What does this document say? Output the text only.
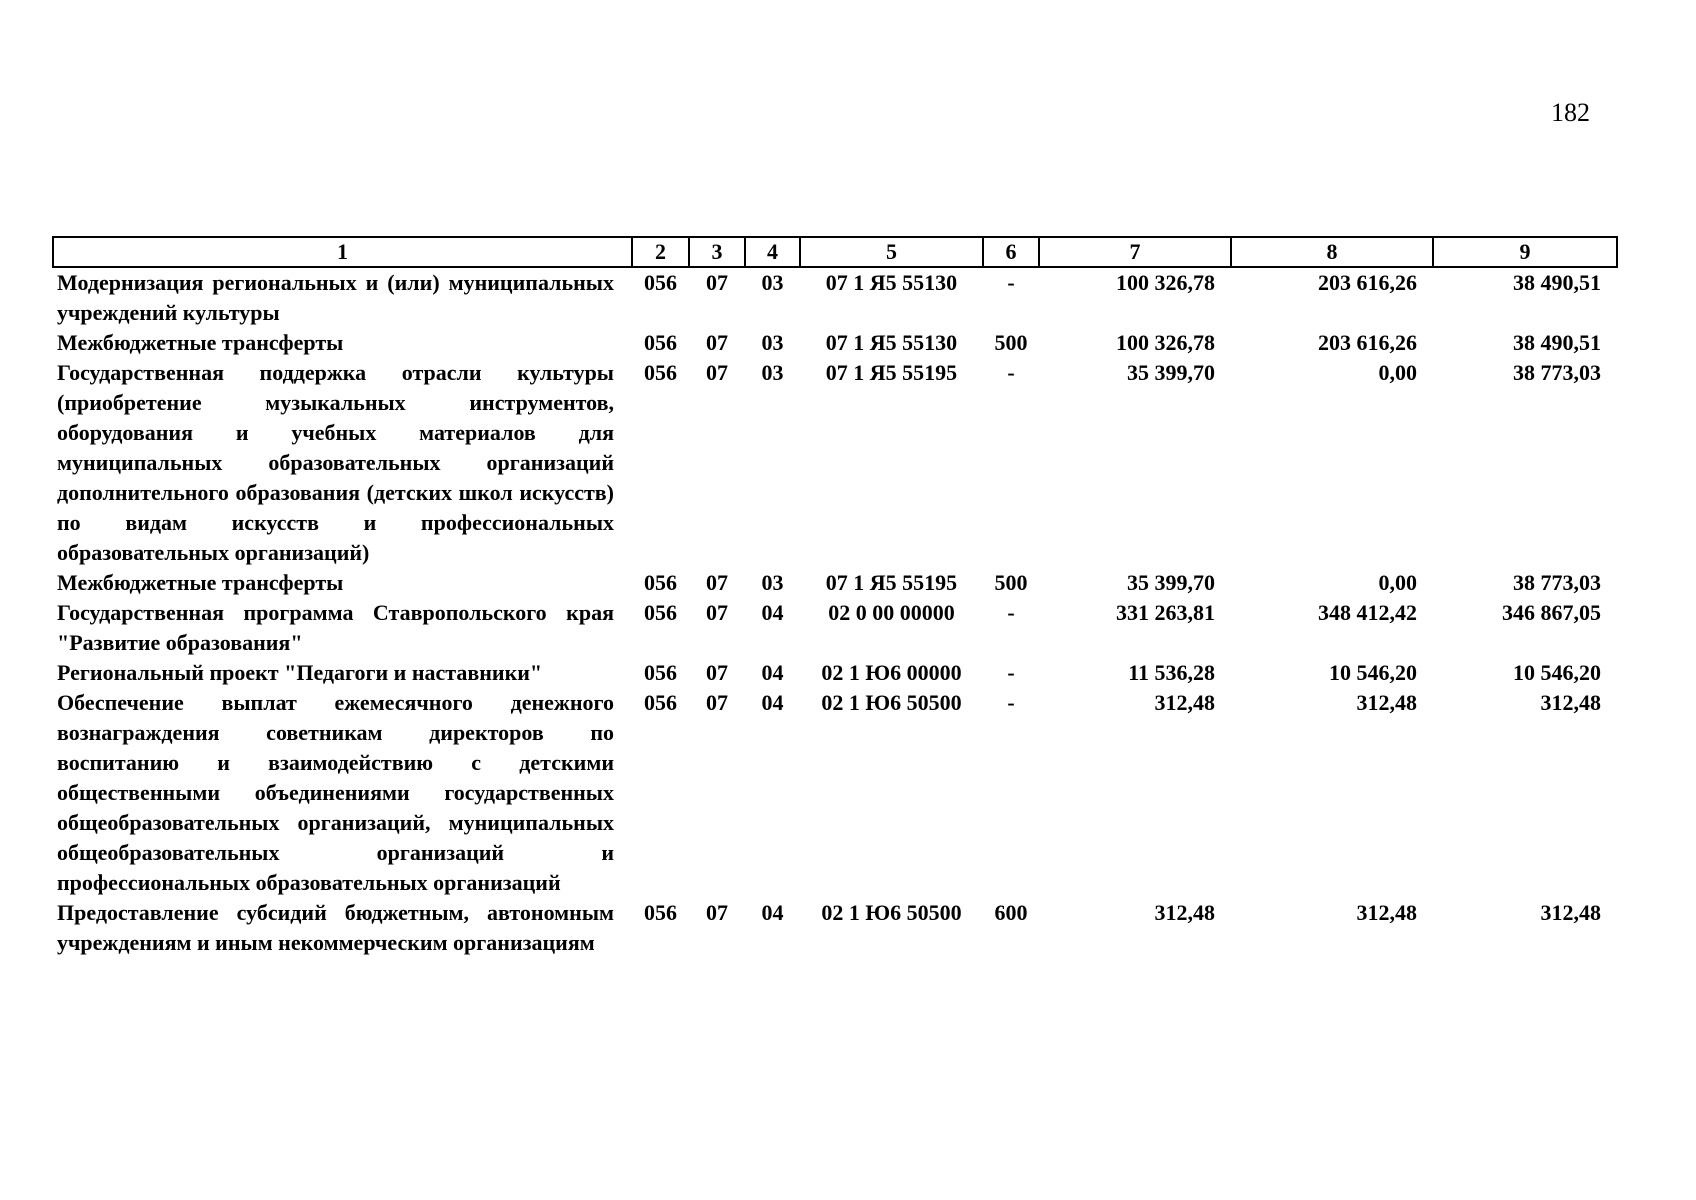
182
1	2	3	4	5	6	7	8	9
Модернизация региональных и (или) муниципальных учреждений культуры	056	07	03	07 1 Я5 55130	-	100 326,78	203 616,26	38 490,51
Межбюджетные трансферты	056	07	03	07 1 Я5 55130	500	100 326,78	203 616,26	38 490,51
Государственная поддержка отрасли культуры (приобретение музыкальных инструментов, оборудования и учебных материалов для муниципальных образовательных организаций дополнительного образования (детских школ искусств) по видам искусств и профессиональных образовательных организаций)	056	07	03	07 1 Я5 55195	-	35 399,70	0,00	38 773,03
Межбюджетные трансферты	056	07	03	07 1 Я5 55195	500	35 399,70	0,00	38 773,03
Государственная программа Ставропольского края "Развитие образования"	056	07	04	02 0 00 00000	-	331 263,81	348 412,42	346 867,05
Региональный проект "Педагоги и наставники"	056	07	04	02 1 Ю6 00000	-	11 536,28	10 546,20	10 546,20
Обеспечение выплат ежемесячного денежного вознаграждения советникам директоров по воспитанию и взаимодействию с детскими общественными объединениями государственных общеобразовательных организаций, муниципальных общеобразовательных организаций и профессиональных образовательных организаций	056	07	04	02 1 Ю6 50500	-	312,48	312,48	312,48
Предоставление субсидий бюджетным, автономным учреждениям и иным некоммерческим организациям	056	07	04	02 1 Ю6 50500	600	312,48	312,48	312,48
